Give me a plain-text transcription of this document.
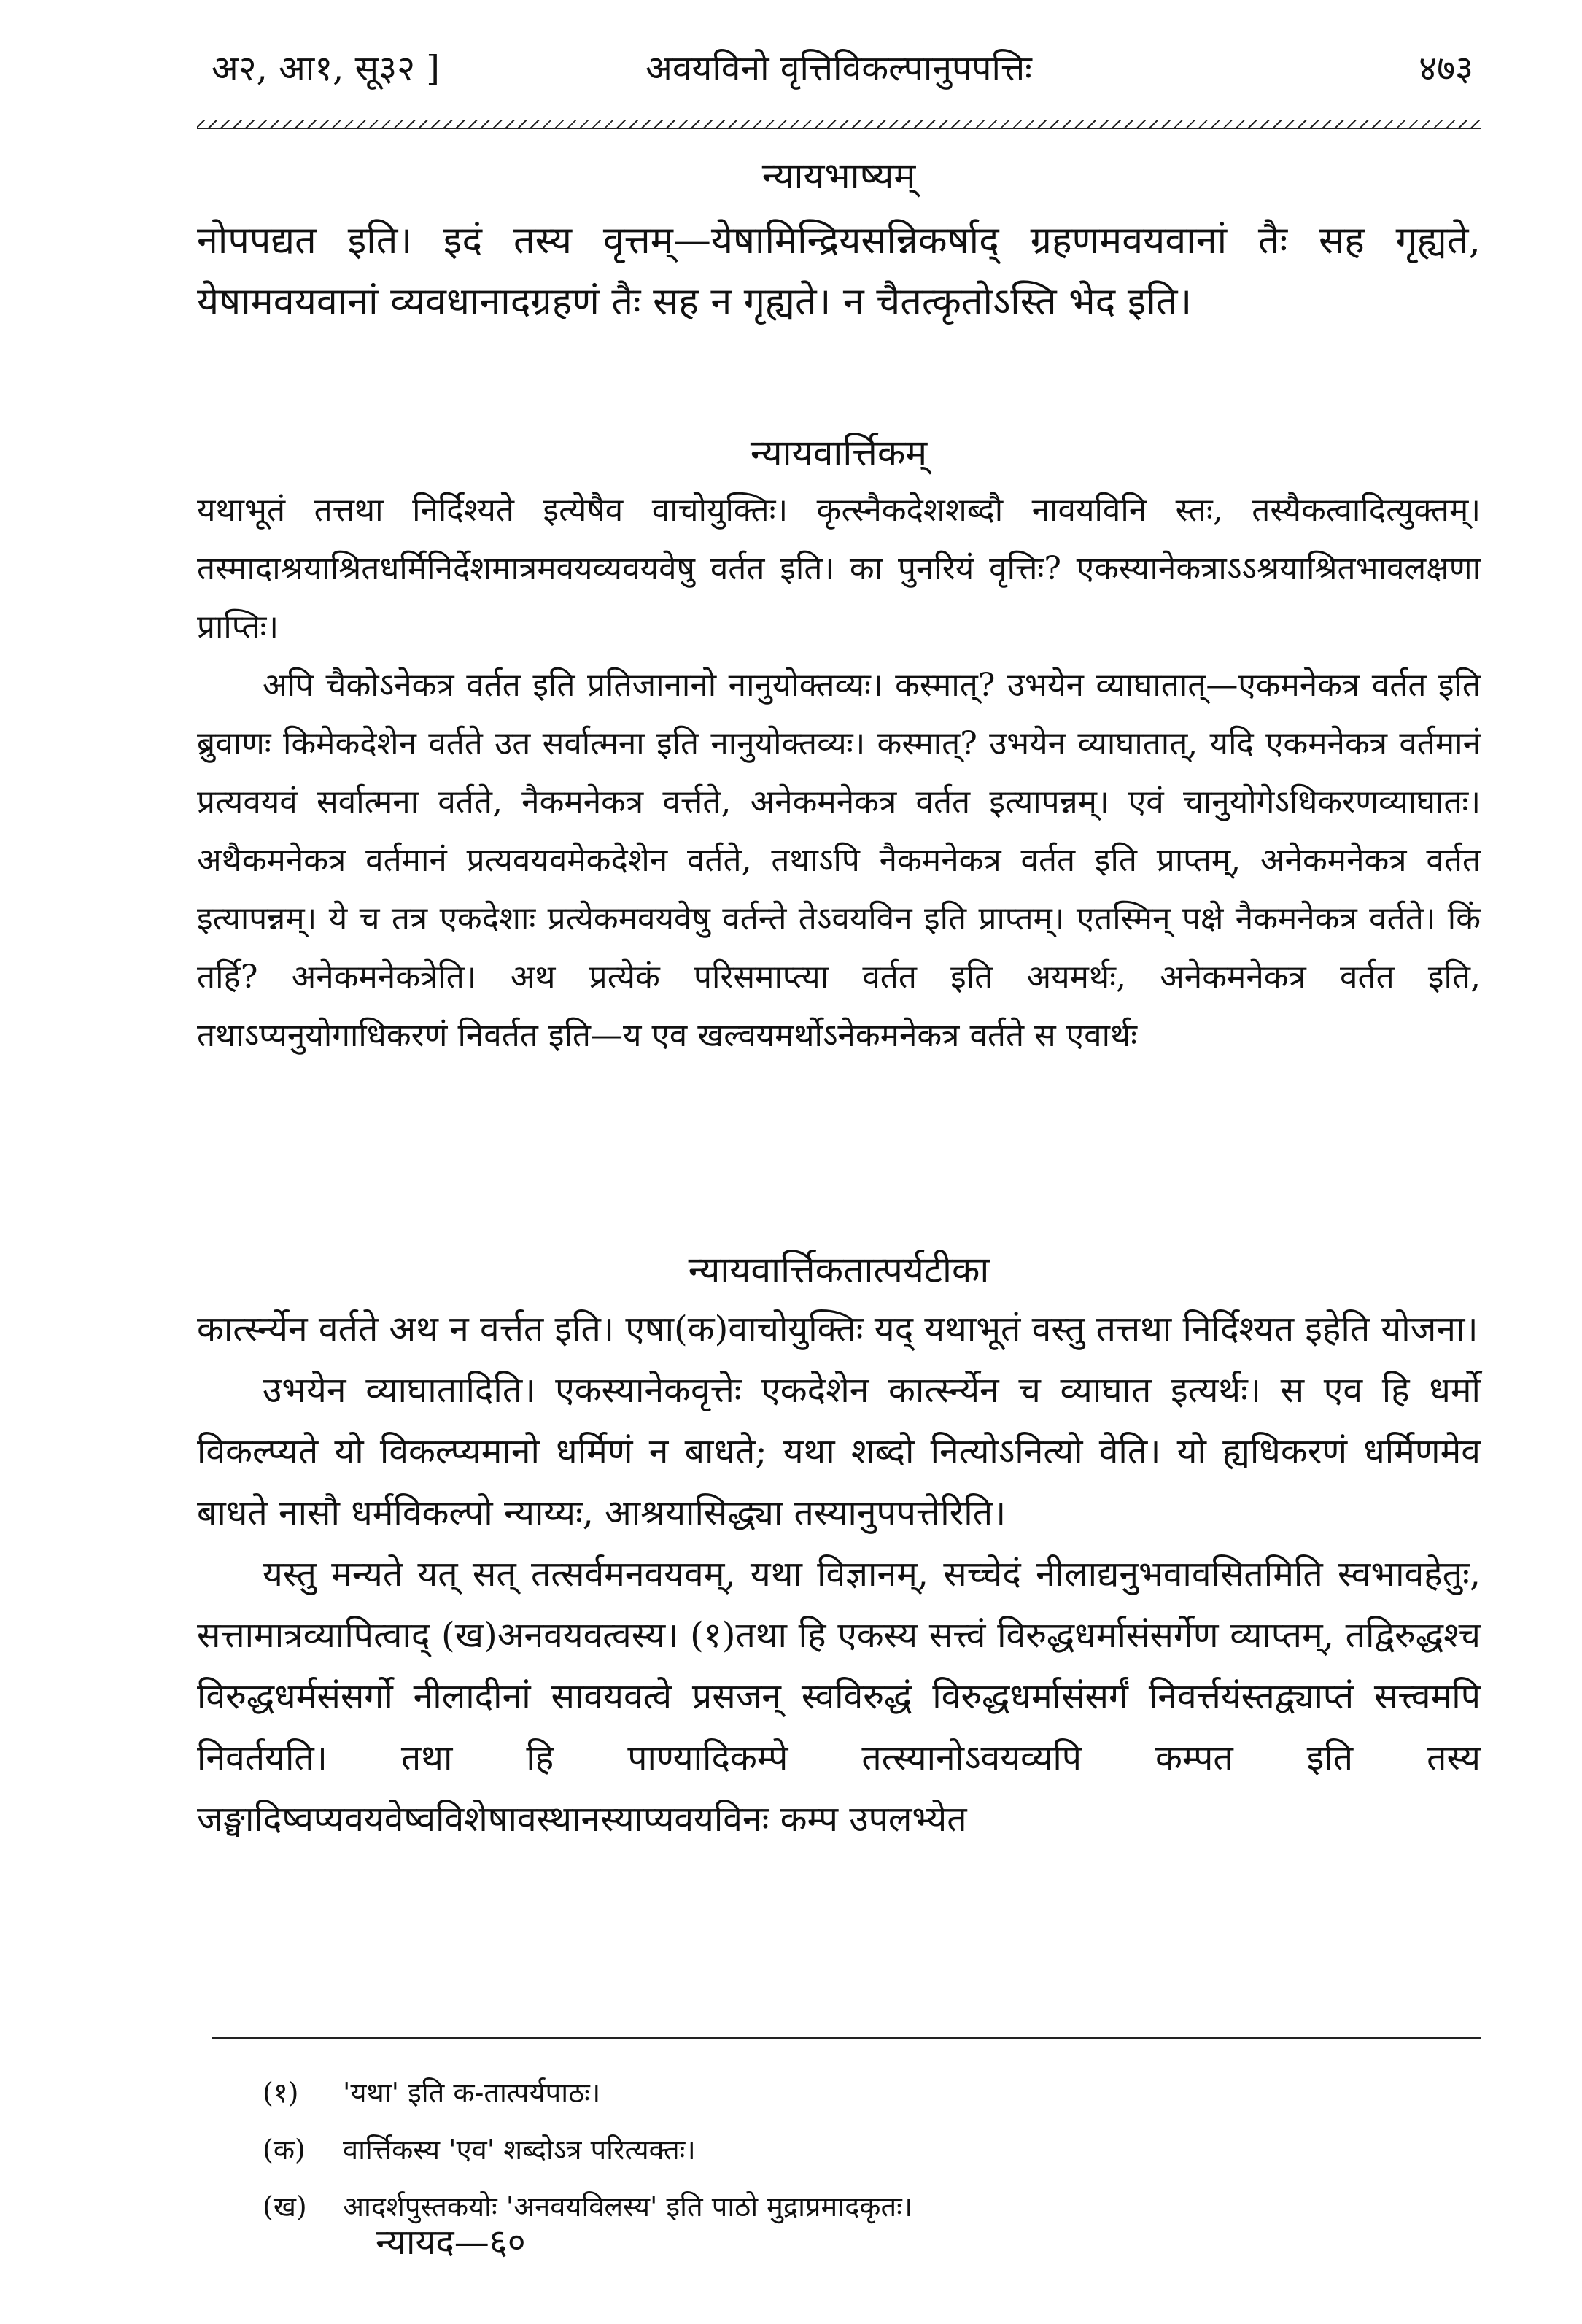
अ२, आ१, सू३२ ]	अवयविनो वृत्तिविकल्पानुपपत्तिः	४७३
न्यायभाष्यम्

नोपपद्यत इति। इदं तस्य वृत्तम्—येषामिन्द्रियसन्निकर्षाद् ग्रहणमवयवानां तैः सह गृह्यते, येषामवयवानां व्यवधानादग्रहणं तैः सह न गृह्यते। न चैतत्कृतोऽस्ति भेद इति।

न्यायवार्त्तिकम्

यथाभूतं तत्तथा निर्दिश्यते इत्येषैव वाचोयुक्तिः। कृत्स्नैकदेशशब्दौ नावयविनि स्तः, तस्यैकत्वादित्युक्तम्। तस्मादाश्रयाश्रितधर्मिनिर्देशमात्रमवयव्यवयवेषु वर्तत इति। का पुनरियं वृत्तिः? एकस्यानेकत्राऽऽश्रयाश्रितभावलक्षणा प्राप्तिः।

अपि चैकोऽनेकत्र वर्तत इति प्रतिजानानो नानुयोक्तव्यः। कस्मात्? उभयेन व्याघातात्—एकमनेकत्र वर्तत इति ब्रुवाणः किमेकदेशेन वर्तते उत सर्वात्मना इति नानुयोक्तव्यः। कस्मात्? उभयेन व्याघातात्, यदि एकमनेकत्र वर्तमानं प्रत्यवयवं सर्वात्मना वर्तते, नैकमनेकत्र वर्त्तते, अनेकमनेकत्र वर्तत इत्यापन्नम्। एवं चानुयोगेऽधिकरणव्याघातः। अथैकमनेकत्र वर्तमानं प्रत्यवयवमेकदेशेन वर्तते, तथाऽपि नैकमनेकत्र वर्तत इति प्राप्तम्, अनेकमनेकत्र वर्तत इत्यापन्नम्। ये च तत्र एकदेशाः प्रत्येकमवयवेषु वर्तन्ते तेऽवयविन इति प्राप्तम्। एतस्मिन् पक्षे नैकमनेकत्र वर्तते। किं तर्हि? अनेकमनेकत्रेति। अथ प्रत्येकं परिसमाप्त्या वर्तत इति अयमर्थः, अनेकमनेकत्र वर्तत इति, तथाऽप्यनुयोगाधिकरणं निवर्तत इति—य एव खल्वयमर्थोऽनेकमनेकत्र वर्तते स एवार्थः

न्यायवार्त्तिकतात्पर्यटीका

कार्त्स्न्येन वर्तते अथ न वर्त्तत इति। एषा(क)वाचोयुक्तिः यद् यथाभूतं वस्तु तत्तथा निर्दिश्यत इहेति योजना।

उभयेन व्याघातादिति। एकस्यानेकवृत्तेः एकदेशेन कार्त्स्न्येन च व्याघात इत्यर्थः। स एव हि धर्मो विकल्प्यते यो विकल्प्यमानो धर्मिणं न बाधते; यथा शब्दो नित्योऽनित्यो वेति। यो ह्यधिकरणं धर्मिणमेव बाधते नासौ धर्मविकल्पो न्याय्यः, आश्रयासिद्ध्या तस्यानुपपत्तेरिति।

यस्तु मन्यते यत् सत् तत्सर्वमनवयवम्, यथा विज्ञानम्, सच्चेदं नीलाद्यनुभवावसितमिति स्वभावहेतुः, सत्तामात्रव्यापित्वाद् (ख)अनवयवत्वस्य। (१)तथा हि एकस्य सत्त्वं विरुद्धधर्मासंसर्गेण व्याप्तम्, तद्विरुद्धश्च विरुद्धधर्मसंसर्गो नीलादीनां सावयवत्वे प्रसजन् स्वविरुद्धं विरुद्धधर्मासंसर्गं निवर्त्तयंस्तद्व्याप्तं सत्त्वमपि निवर्तयति। तथा हि पाण्यादिकम्पे तत्स्यानोऽवयव्यपि कम्पत इति तस्य जङ्घादिष्वप्यवयवेष्वविशेषावस्थानस्याप्यवयविनः कम्प उपलभ्येत

(१) 'यथा' इति क-तात्पर्यपाठः।
(क) वार्त्तिकस्य 'एव' शब्दोऽत्र परित्यक्तः।
(ख) आदर्शपुस्तकयोः 'अनवयविलस्य' इति पाठो मुद्राप्रमादकृतः।
न्यायद—६०
